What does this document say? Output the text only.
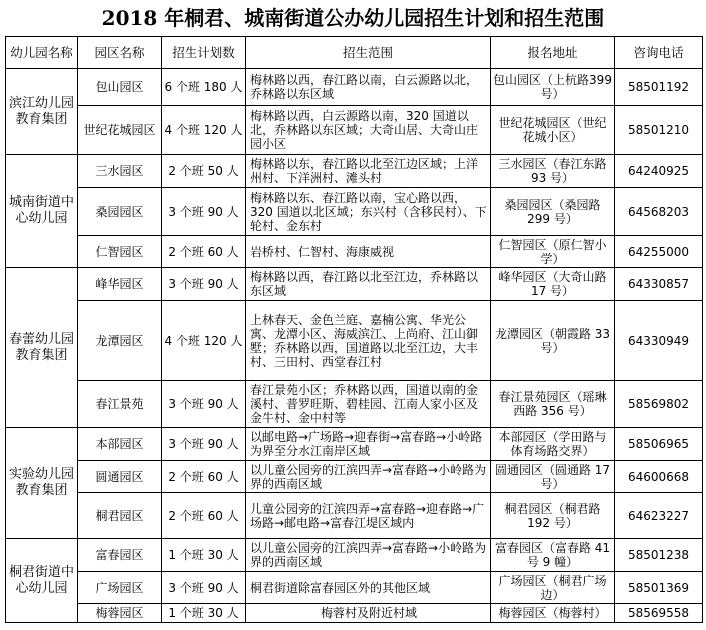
2018 年桐君、城南街道公办幼儿园招生计划和招生范围
幼儿园名称	园区名称	招生计划数	招生范围	报名地址	咨询电话
滨江幼儿园教育集团	包山园区	6 个班 180 人	梅林路以西，春江路以南，白云源路以北，乔林路以东区域	包山园区（上杭路399 号）	58501192
	世纪花城园区	4 个班 120 人	梅林路以西，白云源路以南，320 国道以北，乔林路以东区域；大奇山居、大奇山庄园小区	世纪花城园区（世纪花城小区）	58501210
城南街道中心幼儿园	三水园区	2 个班 50 人	梅林路以东，春江路以北至江边区域；上洋州村、下洋洲村、滩头村	三水园区（春江东路 93 号）	64240925
	桑园园区	3 个班 90 人	梅林路以东、春江路以南，宝心路以西，320 国道以北区域；东兴村（含移民村）、下轮村、金东村	桑园园区（桑园路 299 号）	64568203
	仁智园区	2 个班 60 人	岩桥村、仁智村、海康威视	仁智园区（原仁智小学）	64255000
春蕾幼儿园教育集团	峰华园区	3 个班 90 人	梅林路以西，春江路以北至江边，乔林路以东区域	峰华园区（大奇山路 17 号）	64330857
	龙潭园区	4 个班 120 人	上林春天、金色兰庭、嘉楠公寓、华光公寓、龙潭小区、海威滨江、上尚府、江山御墅；乔林路以西，国道路以北至江边，大丰村、三田村、西堂春江村	龙潭园区（朝霞路 33 号）	64330949
	春江景苑	3 个班 90 人	春江景苑小区；乔林路以西，国道以南的金溪村、普罗旺斯、碧桂园、江南人家小区及金牛村、金中村等	春江景苑园区（瑶琳西路 356 号）	58569802
实验幼儿园教育集团	本部园区	3 个班 90 人	以邮电路→广场路→迎春街→富春路→小岭路为界至分水江南岸区域	本部园区（学田路与体育场路交界）	58506965
	圆通园区	2 个班 60 人	以儿童公园旁的江滨四弄→富春路→小岭路为界的西南区域	圆通园区（圆通路 17 号）	64600668
	桐君园区	2 个班 60 人	儿童公园旁的江滨四弄→富春路→迎春路→广场路→邮电路→富春江堤区域内	桐君园区（桐君路 192 号）	64623227
桐君街道中心幼儿园	富春园区	1 个班 30 人	以儿童公园旁的江滨四弄→富春路→小岭路为界的西南区域	富春园区（富春路 41 号 9 幢）	58501238
	广场园区	3 个班 90 人	桐君街道除富春园区外的其他区域	广场园区（桐君广场边）	58501369
	梅蓉园区	1 个班 30 人	梅蓉村及附近村域	梅蓉园区（梅蓉村）	58569558
